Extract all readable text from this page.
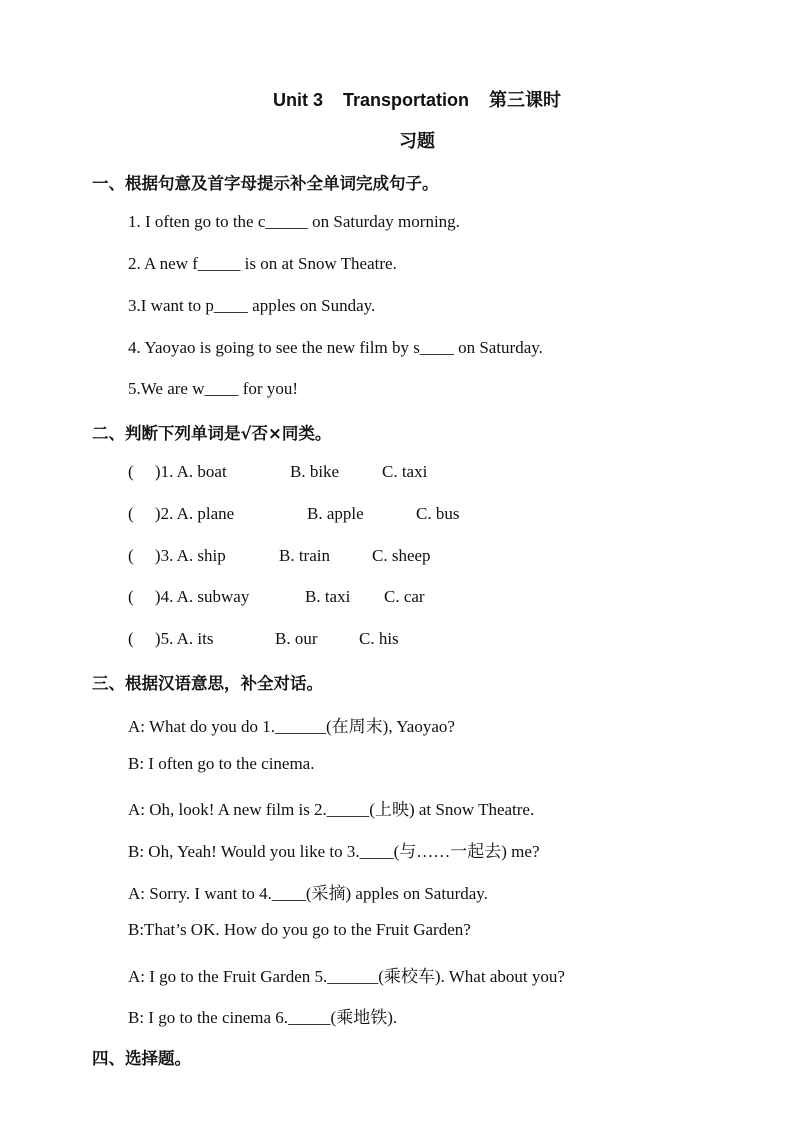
Unit 3    Transportation    第三课时
习题
一、根据句意及首字母提示补全单词完成句子。
1. I often go to the c_____ on Saturday morning.
2. A new f_____ is on at Snow Theatre.
3.I want to p____ apples on Sunday.
4. Yaoyao is going to see the new film by s____ on Saturday.
5.We are w____ for you!
二、判断下列单词是√否×同类。
(     )1. A. boat	B. bike	C. taxi
(     )2. A. plane	B. apple	C. bus
(     )3. A. ship	B. train C. sheep
(     )4. A. subway	B. taxi C. car
(     )5. A. its	B. our C. his
三、根据汉语意思，补全对话。
A: What do you do 1.______(在周末), Yaoyao?
B: I often go to the cinema.
A: Oh, look! A new film is 2._____(上映) at Snow Theatre.
B: Oh, Yeah! Would you like to 3.____(与……一起去) me?
A: Sorry. I want to 4.____(采摘) apples on Saturday.
B:That’s OK. How do you go to the Fruit Garden?
A: I go to the Fruit Garden 5.______(乘校车). What about you?
B: I go to the cinema 6._____(乘地铁).
四、选择题。
